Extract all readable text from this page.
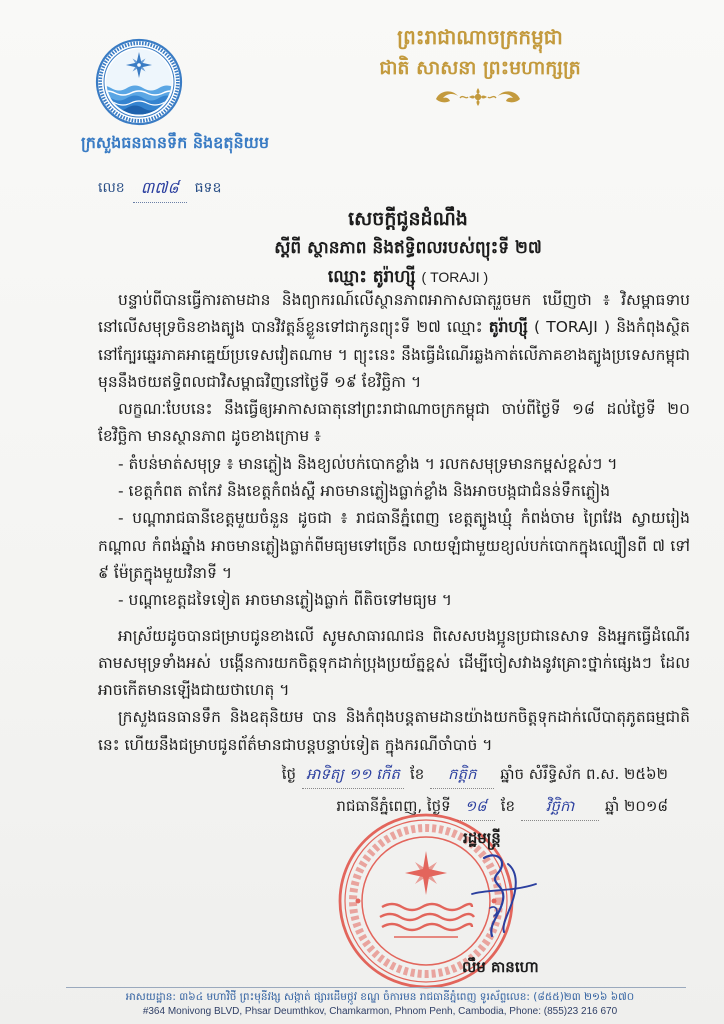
ព្រះរាជាណាចក្រកម្ពុជា
ជាតិ សាសនា ព្រះមហាក្សត្រ
ក្រសួងធនធានទឹក និងឧតុនិយម
លេខ ៣៧៨	ធទឧ
សេចក្តីជូនដំណឹង
ស្តីពី ស្ថានភាព និងឥទ្ធិពលរបស់ព្យុះទី ២៧
ឈ្មោះ តូរ៉ាហ្ស៊ី ( TORAJI )

បន្ទាប់ពីបានធ្វើការតាមដាន និងព្យាករណ៍លើស្ថានភាពអាកាសធាតុរួចមក ឃើញថា ៖ វិសម្ពាធទាប នៅលើសមុទ្រចិនខាងត្បូង បានវិវត្តន៍ខ្លួនទៅជាកូនព្យុះទី ២៧ ឈ្មោះ តូរ៉ាហ្ស៊ី ( TORAJI ) និងកំពុងស្ថិតនៅក្បែរឆ្នេរភាគអាគ្នេយ៍ប្រទេសវៀតណាម ។ ព្យុះនេះ នឹងធ្វើដំណើរឆ្លងកាត់លើភាគខាងត្បូងប្រទេសកម្ពុជា មុននឹងថយឥទ្ធិពលជាវិសម្ពាធវិញនៅថ្ងៃទី ១៩ ខែវិច្ឆិកា ។

លក្ខណៈបែបនេះ នឹងធ្វើឲ្យអាកាសធាតុនៅព្រះរាជាណាចក្រកម្ពុជា ចាប់ពីថ្ងៃទី ១៨ ដល់ថ្ងៃទី ២០ ខែវិច្ឆិកា មានស្ថានភាព ដូចខាងក្រោម ៖

- តំបន់មាត់សមុទ្រ ៖ មានភ្លៀង និងខ្យល់បក់បោកខ្លាំង ។ រលកសមុទ្រមានកម្ពស់ខ្ពស់ៗ ។

- ខេត្តកំពត តាកែវ និងខេត្តកំពង់ស្ពឺ អាចមានភ្លៀងធ្លាក់ខ្លាំង និងអាចបង្កជាជំនន់ទឹកភ្លៀង

- បណ្តារាជធានីខេត្តមួយចំនួន ដូចជា ៖ រាជធានីភ្នំពេញ ខេត្តត្បូងឃ្មុំ កំពង់ចាម ព្រៃវែង ស្វាយរៀង កណ្តាល កំពង់ឆ្នាំង អាចមានភ្លៀងធ្លាក់ពីមធ្យមទៅច្រើន លាយឡំជាមួយខ្យល់បក់បោកក្នុងល្បឿនពី ៧ ទៅ ៩ ម៉ែត្រក្នុងមួយវិនាទី ។

- បណ្តាខេត្តដទៃទៀត អាចមានភ្លៀងធ្លាក់ ពីតិចទៅមធ្យម ។

អាស្រ័យដូចបានជម្រាបជូនខាងលើ សូមសាធារណជន ពិសេសបងប្អូនប្រជានេសាទ និងអ្នកធ្វើដំណើរតាមសមុទ្រទាំងអស់ បង្កើនការយកចិត្តទុកដាក់ប្រុងប្រយ័ត្នខ្ពស់ ដើម្បីចៀសវាងនូវគ្រោះថ្នាក់ផ្សេងៗ ដែលអាចកើតមានឡើងជាយថាហេតុ ។

ក្រសួងធនធានទឹក និងឧតុនិយម បាន និងកំពុងបន្តតាមដានយ៉ាងយកចិត្តទុកដាក់លើបាតុភូតធម្មជាតិនេះ ហើយនឹងជម្រាបជូនព័ត៌មានជាបន្តបន្ទាប់ទៀត ក្នុងករណីចាំបាច់ ។

ថ្ងៃ អាទិត្យ ១១ កើត ខែ	កត្តិក	ឆ្នាំច សំរឹទ្ធិស័ក ព.ស. ២៥៦២
រាជធានីភ្នំពេញ, ថ្ងៃទី ១៨ ខែ	វិច្ឆិកា	ឆ្នាំ ២០១៨
រដ្ឋមន្ត្រី
លឹម គានហោ
អាសយដ្ឋាន: ៣៦៤ មហាវិថី ព្រះមុនីវង្ស សង្កាត់ ផ្សារដើមថ្កូវ ខណ្ឌ ចំការមន រាជធានីភ្នំពេញ ទូរស័ព្ទលេខ: (៨៥៥)២៣ ២១៦ ៦៧០
#364 Monivong BLVD, Phsar Deumthkov, Chamkarmon, Phnom Penh, Cambodia, Phone: (855)23 216 670
